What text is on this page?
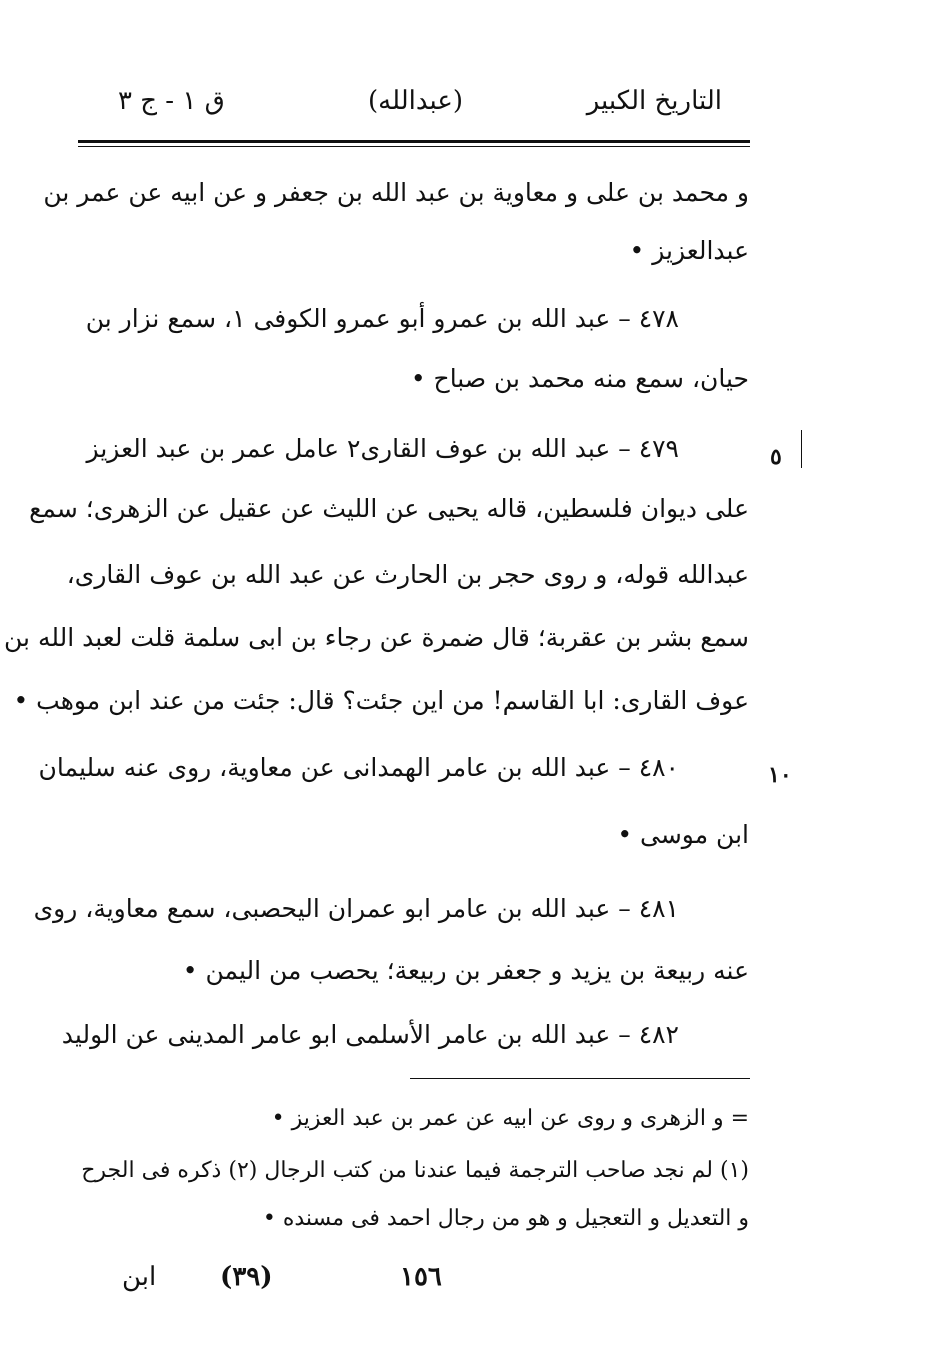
التاريخ الكبير
(عبدالله)
ق ١ - ج ٣
و محمد بن على و معاوية بن عبد الله بن جعفر و عن ابيه عن عمر بن
عبدالعزيز •
٤٧٨ – عبد الله بن عمرو أبو عمرو الكوفى ١، سمع نزار بن
حيان، سمع منه محمد بن صباح •
٤٧٩ – عبد الله بن عوف القارى٢ عامل عمر بن عبد العزيز
على ديوان فلسطين، قاله يحيى عن الليث عن عقيل عن الزهرى؛ سمع
عبدالله قوله، و روى حجر بن الحارث عن عبد الله بن عوف القارى،
سمع بشر بن عقربة؛ قال ضمرة عن رجاء بن ابى سلمة قلت لعبد الله بن
عوف القارى: ابا القاسم! من اين جئت؟ قال: جئت من عند ابن موهب •
٤٨٠ – عبد الله بن عامر الهمدانى عن معاوية، روى عنه سليمان
ابن موسى •
٤٨١ – عبد الله بن عامر ابو عمران اليحصبى، سمع معاوية، روى
عنه ربيعة بن يزيد و جعفر بن ربيعة؛ يحصب من اليمن •
٤٨٢ – عبد الله بن عامر الأسلمى ابو عامر المدينى عن الوليد
٥
١٠
= و الزهرى و روى عن ابيه عن عمر بن عبد العزيز •
(١) لم نجد صاحب الترجمة فيما عندنا من كتب الرجال (٢) ذكره فى الجرح
و التعديل و التعجيل و هو من رجال احمد فى مسنده •
ابن (٣٩)	١٥٦
